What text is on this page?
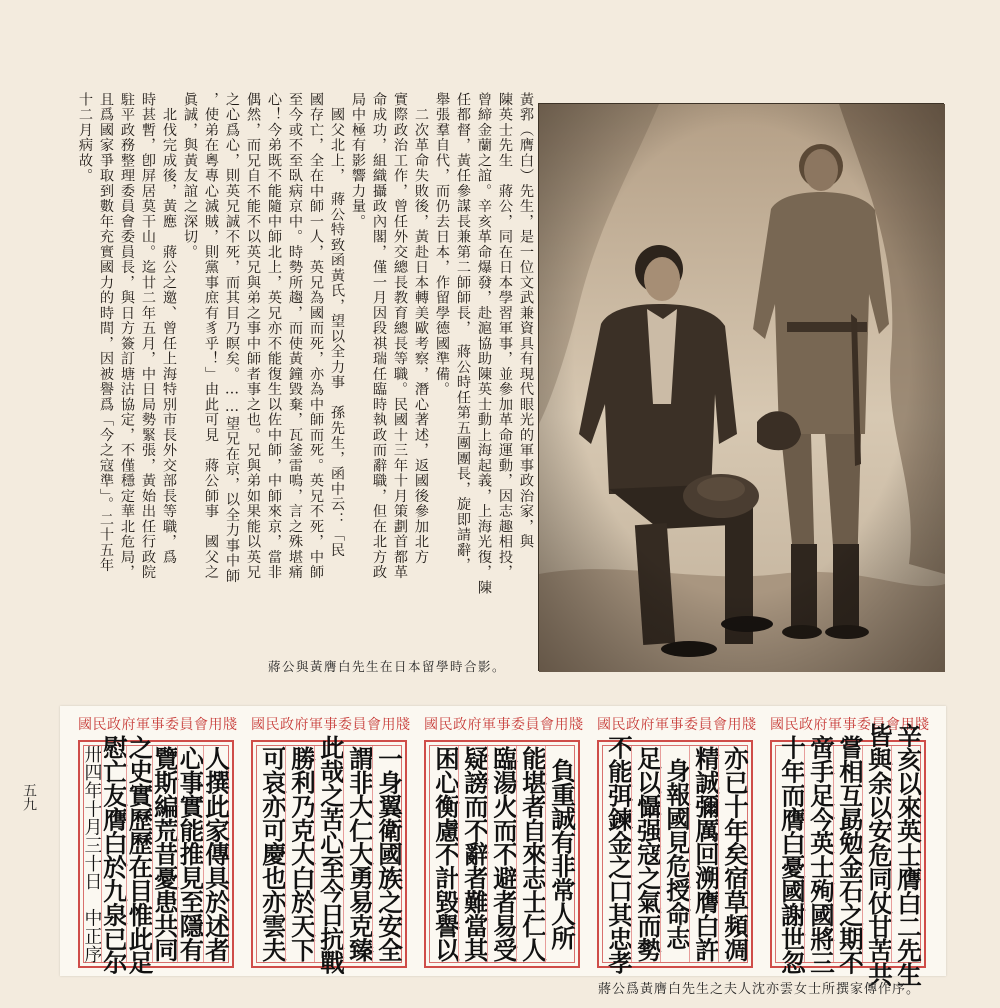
黃郛（膺白）先生，是一位文武兼資具有現代眼光的軍事政治家，與
陳英士先生　蔣公，同在日本學習軍事，並參加革命運動，因志趣相投，
曾締金蘭之誼。辛亥革命爆發，赴滬協助陳英士動上海起義，上海光復，陳
任都督，黃任參謀長兼第二師師長，　蔣公時任第五團團長，旋即請辭，
舉張羣自代，而仍去日本，作留學德國準備。
　二次革命失敗後，黃赴日本轉美歐考察，潛心著述，返國後參加北方
實際政治工作，曾任外交總長教育總長等職。民國十三年十月策劃首都革
命成功，組織攝政內閣，僅一月因段祺瑞任臨時執政而辭職，但在北方政
局中極有影響力量。
　國父北上，　蔣公特致函黃氏，望以全力事　孫先生，函中云：「民
國存亡，全在中師一人，英兄為國而死，亦為中師而死。英兄不死，中師
至今或不至臥病京中。時勢所趨，而使黃鐘毀棄，瓦釜雷鳴，言之殊堪痛
心！今弟既不能隨中師北上，英兄亦不能復生以佐中師，中師來京，當非
偶然，而兄自不能不以英兄與弟之事中師者事之也。兄與弟如果能以英兄
之心爲心，則英兄誠不死，而其目乃瞑矣。……望兄在京，以全力事中師
，使弟在粵專心滅賊，則黨事庶有豸乎！」由此可見　蔣公師事　國父之
眞誠，與黃友誼之深切。
　北伐完成後，黃應　蔣公之邀、曾任上海特別市長外交部長等職，爲
時甚暫，卽屏居莫干山。迄廿二年五月，中日局勢緊張，黃始出任行政院
駐平政務整理委員會委員長，與日方簽訂塘沽協定，不僅穩定華北危局，
且爲國家爭取到數年充實國力的時間，因被譽爲「今之寇準」。二十五年
十二月病故。
蔣公與黃膺白先生在日本留學時合影。
五九
國民政府軍事委員會用牋
辛亥以來英士膺白二先生
皆與余以安危同仗甘苦共
嘗相互勗勉金石之期不
啻手足今英士殉國將三
十年而膺白憂國謝世忽
國民政府軍事委員會用牋
亦已十年矣宿草頻凋
精誠彌厲回溯膺白許
身報國見危授命志
足以懾强寇之氣而勢
不能弭鍊金之口其忠孝
國民政府軍事委員會用牋
負重誠有非常人所
能堪者自來志士仁人
臨湯火而不避者易受
疑謗而不辭者難當其
困心衡慮不計毀譽以
國民政府軍事委員會用牋
一身翼衛國族之安全
謂非大仁大勇易克臻
此哉之苦心至今日抗戰
勝利乃克大白於天下
可哀亦可慶也亦雲夫
國民政府軍事委員會用牋
人撰此家傳具於述者
心事實能推見至隱有
覽斯編荒昔憂患共同
之史實歷歷在目惟此足
慰亡友膺白於九泉已尔
卅四年十月三十日　中正序
蔣公爲黃膺白先生之夫人沈亦雲女士所撰家傳作序。
